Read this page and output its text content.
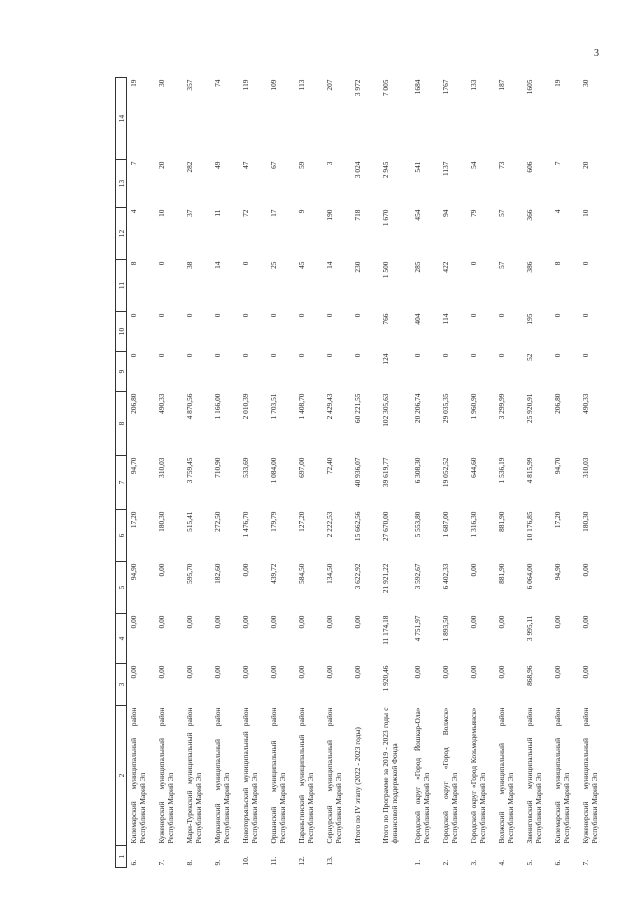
3
1	2	3	4	5	6	7	8	9	10	11	12	13	14
6.	Килемарский муниципальный район Республики Марий Эл	0,00	0,00	94,90	17,20	94,70	206,80	0	0	8	4	7	19
7.	Куженерский муниципальный район Республики Марий Эл	0,00	0,00	0,00	180,30	310,03	490,33	0	0	0	10	20	30
8.	Мари-Турекский муниципальный район Республики Марий Эл	0,00	0,00	595,70	515,41	3 759,45	4 870,56	0	0	38	37	282	357
9.	Моркинский муниципальный район Республики Марий Эл	0,00	0,00	182,60	272,50	710,90	1 166,00	0	0	14	11	49	74
10.	Новоторъяльский муниципальный район Республики Марий Эл	0,00	0,00	0,00	1 476,70	533,69	2 010,39	0	0	0	72	47	119
11.	Оршанский муниципальный район Республики Марий Эл	0,00	0,00	439,72	179,79	1 084,00	1 703,51	0	0	25	17	67	109
12.	Параньгинский муниципальный район Республики Марий Эл	0,00	0,00	584,50	127,20	697,00	1 408,70	0	0	45	9	59	113
13.	Сернурский муниципальный район Республики Марий Эл	0,00	0,00	134,50	2 222,53	72,40	2 429,43	0	0	14	190	3	207
	Итого по IV этапу (2022 - 2023 годы)	0,00	0,00	3 622,92	15 662,56	40 936,07	60 221,55	0	0	230	718	3 024	3 972
	Итого по Программе за 2019 - 2023 годы с финансовой поддержкой Фонда	1 920,46	11 174,18	21 921,22	27 670,00	39 619,77	102 305,63	124	766	1 500	1 670	2 945	7 005
1.	Городской округ «Город Йошкар-Ола» Республики Марий Эл	0,00	4 751,97	3 592,67	5 553,80	6 308,30	20 206,74	0	404	285	454	541	1684
2.	Городской округ «Город Волжск» Республики Марий Эл	0,00	1 893,50	6 402,33	1 687,00	19 052,52	29 035,35	0	114	422	94	1137	1767
3.	Городской округ «Город Козьмодемьянск» Республики Марий Эл	0,00	0,00	0,00	1 316,30	644,60	1 960,90	0	0	0	79	54	133
4.	Волжский муниципальный район Республики Марий Эл	0,00	0,00	881,90	881,90	1 536,19	3 299,99	0	0	57	57	73	187
5.	Звениговский муниципальный район Республики Марий Эл	868,96	3 995,11	6 064,00	10 176,85	4 815,99	25 920,91	52	195	386	366	606	1605
6.	Килемарский муниципальный район Республики Марий Эл	0,00	0,00	94,90	17,20	94,70	206,80	0	0	8	4	7	19
7.	Куженерский муниципальный район Республики Марий Эл	0,00	0,00	0,00	180,30	310,03	490,33	0	0	0	10	20	30
